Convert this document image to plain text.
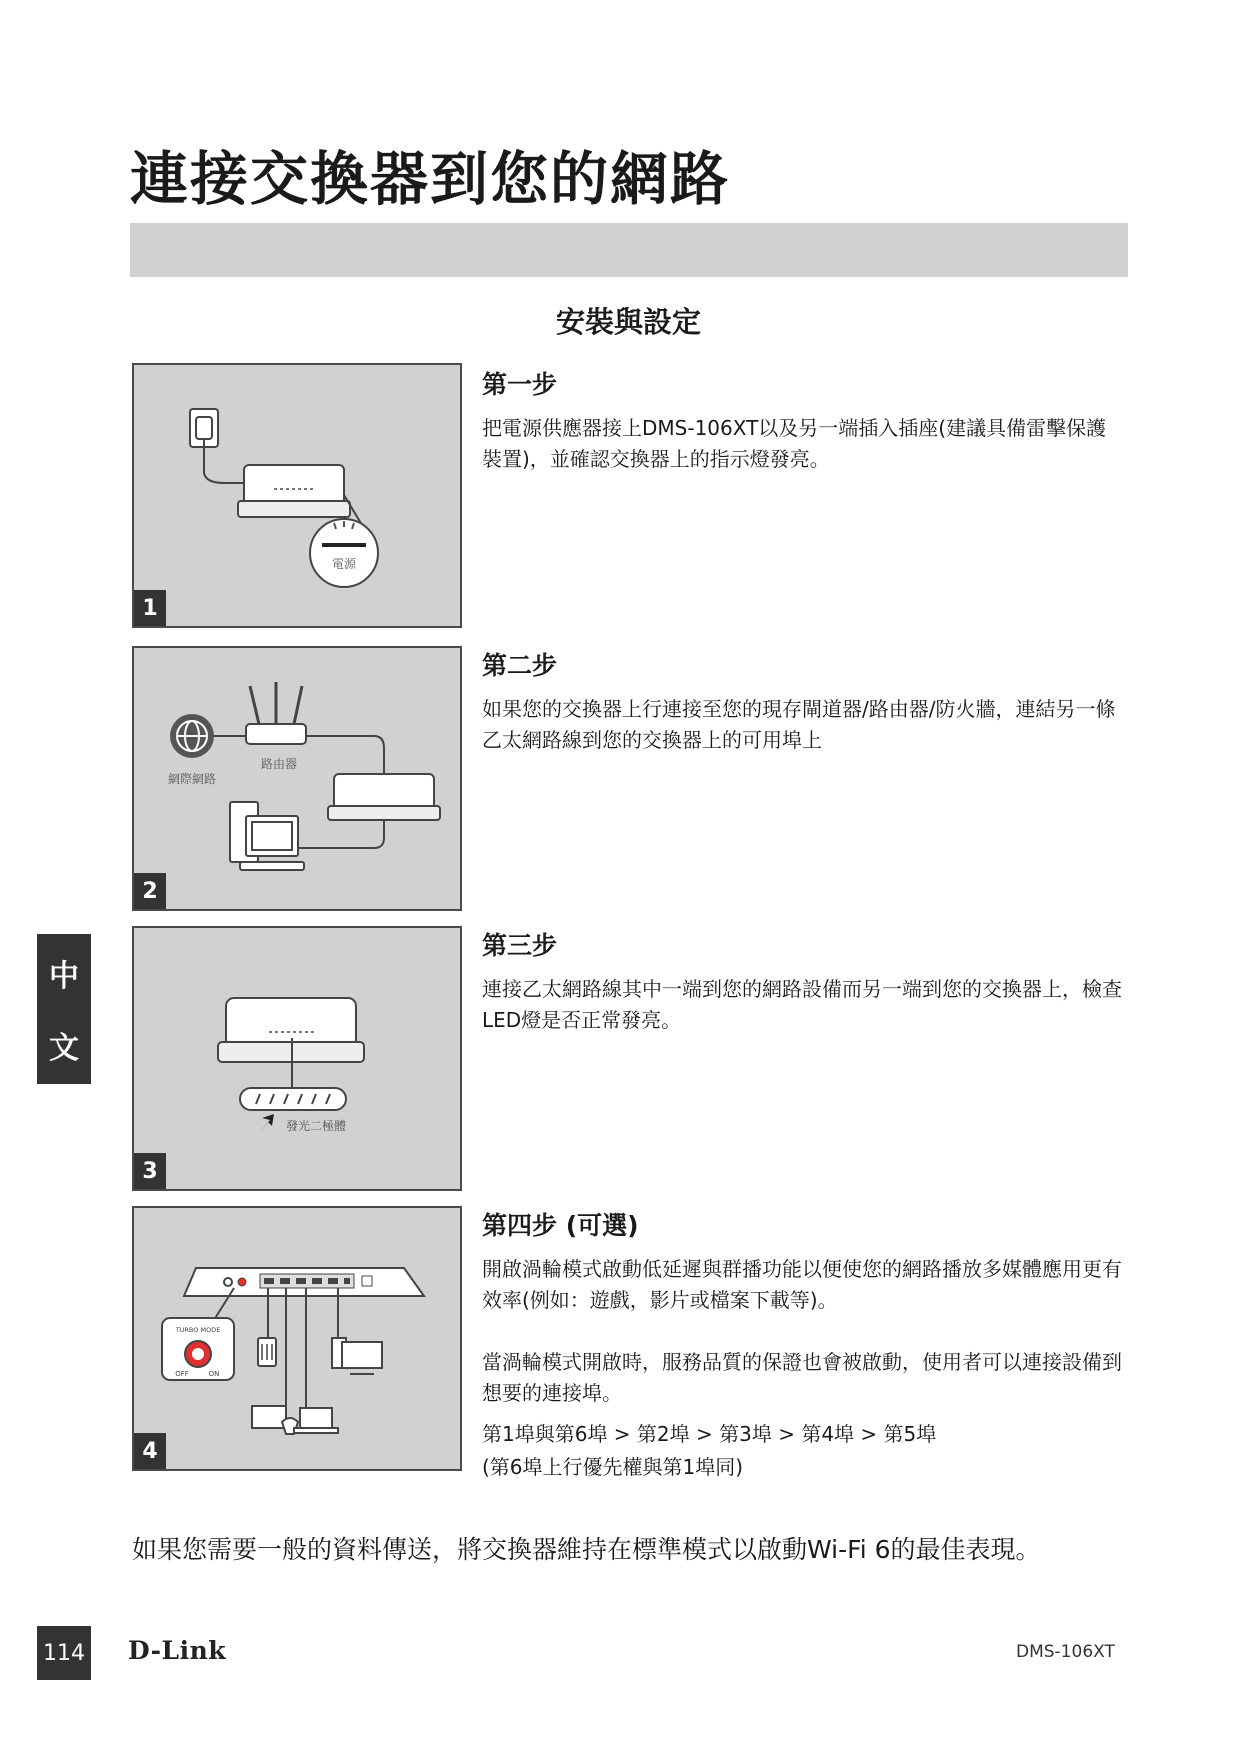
連接交換器到您的網路
安裝與設定
電源
1
第一步

把電源供應器接上DMS-106XT以及另一端插入插座(建議具備雷擊保護裝置)，並確認交換器上的指示燈發亮。

網際網路
路由器
2
第二步

如果您的交換器上行連接至您的現存閘道器/路由器/防火牆，連結另一條乙太網路線到您的交換器上的可用埠上

發光二極體
3
第三步

連接乙太網路線其中一端到您的網路設備而另一端到您的交換器上，檢查LED燈是否正常發亮。

TURBO MODE
OFF	ON
4
第四步 (可選)

開啟渦輪模式啟動低延遲與群播功能以便使您的網路播放多媒體應用更有效率(例如：遊戲，影片或檔案下載等)。

當渦輪模式開啟時，服務品質的保證也會被啟動，使用者可以連接設備到想要的連接埠。

第1埠與第6埠 > 第2埠 > 第3埠 > 第4埠 > 第5埠

(第6埠上行優先權與第1埠同)

中
文
如果您需要一般的資料傳送，將交換器維持在標準模式以啟動Wi-Fi 6的最佳表現。
114 D-Link	DMS-106XT
